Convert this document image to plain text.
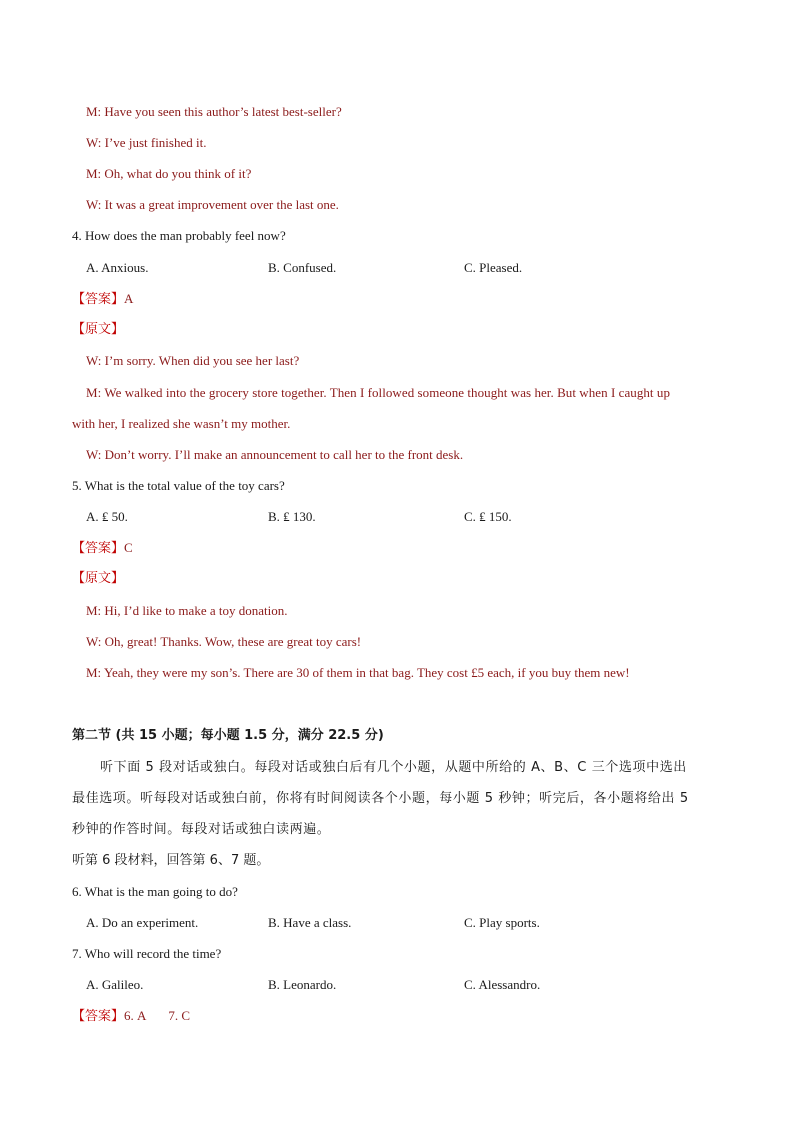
M: Have you seen this author’s latest best-seller?
W: I’ve just finished it.
M: Oh, what do you think of it?
W: It was a great improvement over the last one.
4. How does the man probably feel now?
A. Anxious.	B. Confused.	C. Pleased.
【答案】A
【原文】
W: I’m sorry. When did you see her last?
M: We walked into the grocery store together. Then I followed someone thought was her. But when I caught up
with her, I realized she wasn’t my mother.
W: Don’t worry. I’ll make an announcement to call her to the front desk.
5. What is the total value of the toy cars?
A. ₤ 50.	B. ₤ 130.	C. ₤ 150.
【答案】C
【原文】
M: Hi, I’d like to make a toy donation.
W: Oh, great! Thanks. Wow, these are great toy cars!
M: Yeah, they were my son’s. There are 30 of them in that bag. They cost £5 each, if you buy them new!
第二节 (共 15 小题；每小题 1.5 分，满分 22.5 分)
听下面 5 段对话或独白。每段对话或独白后有几个小题，从题中所给的 A、B、C 三个选项中选出
最佳选项。听每段对话或独白前，你将有时间阅读各个小题，每小题 5 秒钟；听完后，各小题将给出 5
秒钟的作答时间。每段对话或独白读两遍。
听第 6 段材料，回答第 6、7 题。
6. What is the man going to do?
A. Do an experiment.	B. Have a class.	C. Play sports.
7. Who will record the time?
A. Galileo.	B. Leonardo.	C. Alessandro.
【答案】6. A       7. C
